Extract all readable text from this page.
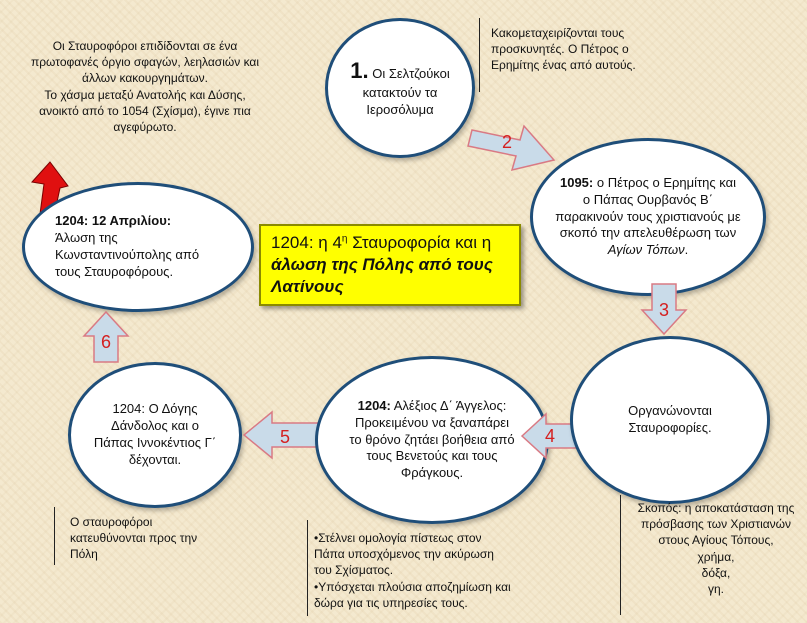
Οι Σταυροφόροι επιδίδονται σε ένα πρωτοφανές όργιο σφαγών, λεηλασιών και άλλων κακουργημάτων.
Το χάσμα μεταξύ Ανατολής και Δύσης, ανοικτό από το 1054 (Σχίσμα), έγινε πια αγεφύρωτο.
Κακομεταχειρίζονται τους προσκυνητές. Ο Πέτρος ο Ερημίτης ένας από αυτούς.
1. Οι Σελτζούκοι κατακτούν τα Ιεροσόλυμα
2
1095: ο Πέτρος ο Ερημίτης και ο Πάπας Ουρβανός Β΄ παρακινούν τους χριστιανούς με σκοπό την απελευθέρωση των Αγίων Τόπων.
1204: η $4^\eta$ Σταυροφορία και η άλωση της Πόλης από τους Λατίνους
1204: 12 Απριλίου:
Άλωση της Κωνσταντινούπολης από τους Σταυροφόρους.
3
6
1204: Ο Δόγης Δάνδολος και ο Πάπας Ιννοκέντιος Γ΄ δέχονται.
5
1204: Αλέξιος Δ΄ Άγγελος: Προκειμένου να ξαναπάρει το θρόνο ζητάει βοήθεια από τους Βενετούς και τους Φράγκους.
4
Οργανώνονται Σταυροφορίες.
Ο σταυροφόροι κατευθύνονται προς την Πόλη
•Στέλνει ομολογία πίστεως στον Πάπα υποσχόμενος την ακύρωση του Σχίσματος.
•Υπόσχεται πλούσια αποζημίωση και δώρα για τις υπηρεσίες τους.
Σκοπός: η αποκατάσταση της πρόσβασης των Χριστιανών στους Αγίους Τόπους,
χρήμα,
δόξα,
γη.
